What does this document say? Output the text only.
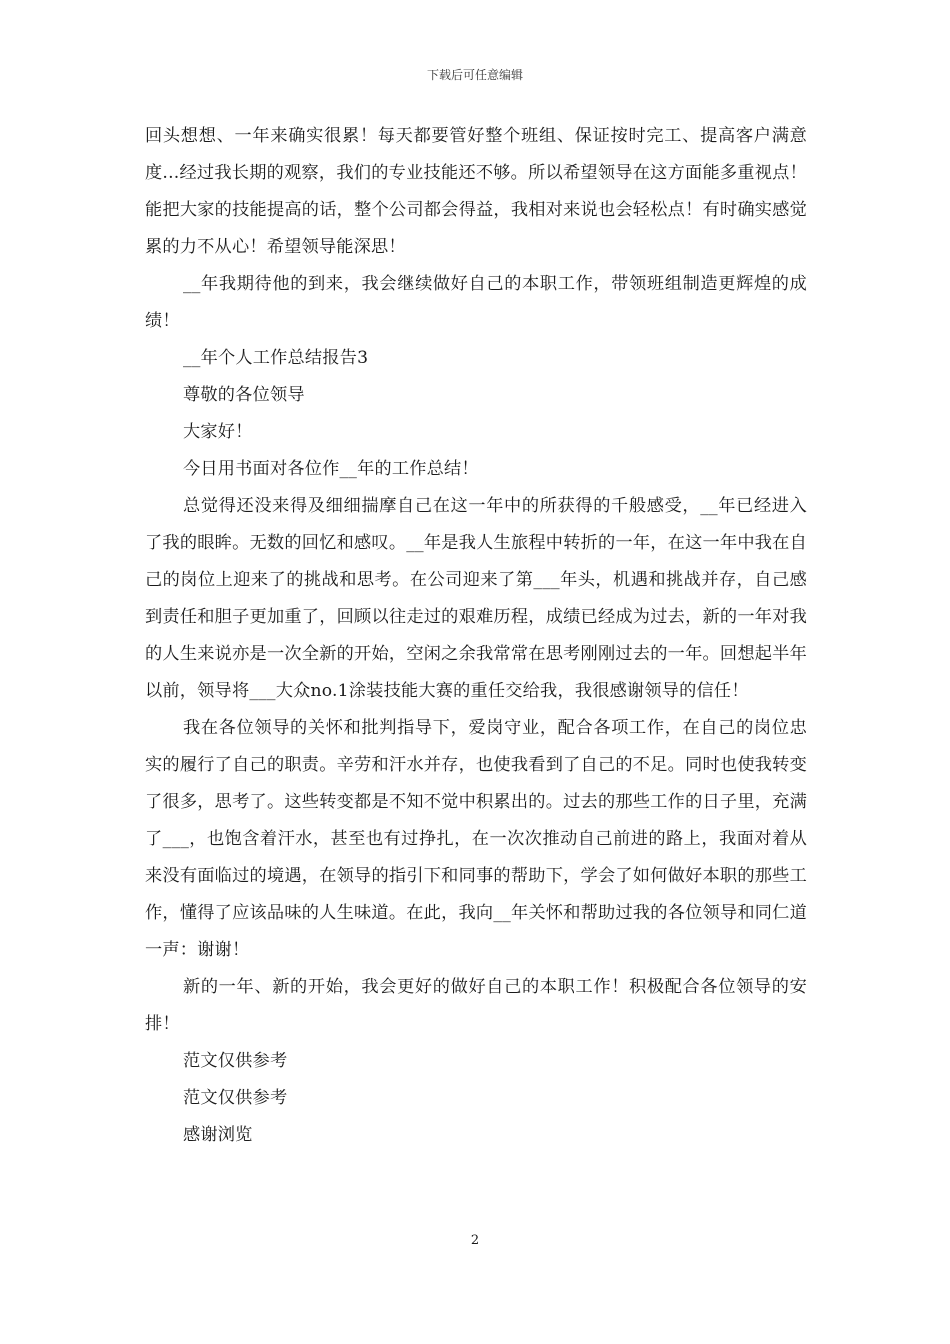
下载后可任意编辑

回头想想、一年来确实很累！每天都要管好整个班组、保证按时完工、提高客户满意度...经过我长期的观察，我们的专业技能还不够。所以希望领导在这方面能多重视点！能把大家的技能提高的话，整个公司都会得益，我相对来说也会轻松点！有时确实感觉累的力不从心！希望领导能深思！

__年我期待他的到来，我会继续做好自己的本职工作，带领班组制造更辉煌的成绩！

__年个人工作总结报告3

尊敬的各位领导

大家好！

今日用书面对各位作__年的工作总结！

总觉得还没来得及细细揣摩自己在这一年中的所获得的千般感受，__年已经进入了我的眼眸。无数的回忆和感叹。__年是我人生旅程中转折的一年，在这一年中我在自己的岗位上迎来了的挑战和思考。在公司迎来了第___年头，机遇和挑战并存，自己感到责任和胆子更加重了，回顾以往走过的艰难历程，成绩已经成为过去，新的一年对我的人生来说亦是一次全新的开始，空闲之余我常常在思考刚刚过去的一年。回想起半年以前，领导将___大众no.1涂装技能大赛的重任交给我，我很感谢领导的信任！

我在各位领导的关怀和批判指导下，爱岗守业，配合各项工作，在自己的岗位忠实的履行了自己的职责。辛劳和汗水并存，也使我看到了自己的不足。同时也使我转变了很多，思考了。这些转变都是不知不觉中积累出的。过去的那些工作的日子里，充满了___，也饱含着汗水，甚至也有过挣扎，在一次次推动自己前进的路上，我面对着从来没有面临过的境遇，在领导的指引下和同事的帮助下，学会了如何做好本职的那些工作，懂得了应该品味的人生味道。在此，我向__年关怀和帮助过我的各位领导和同仁道一声：谢谢！

新的一年、新的开始，我会更好的做好自己的本职工作！积极配合各位领导的安排！

范文仅供参考

范文仅供参考

感谢浏览

2
